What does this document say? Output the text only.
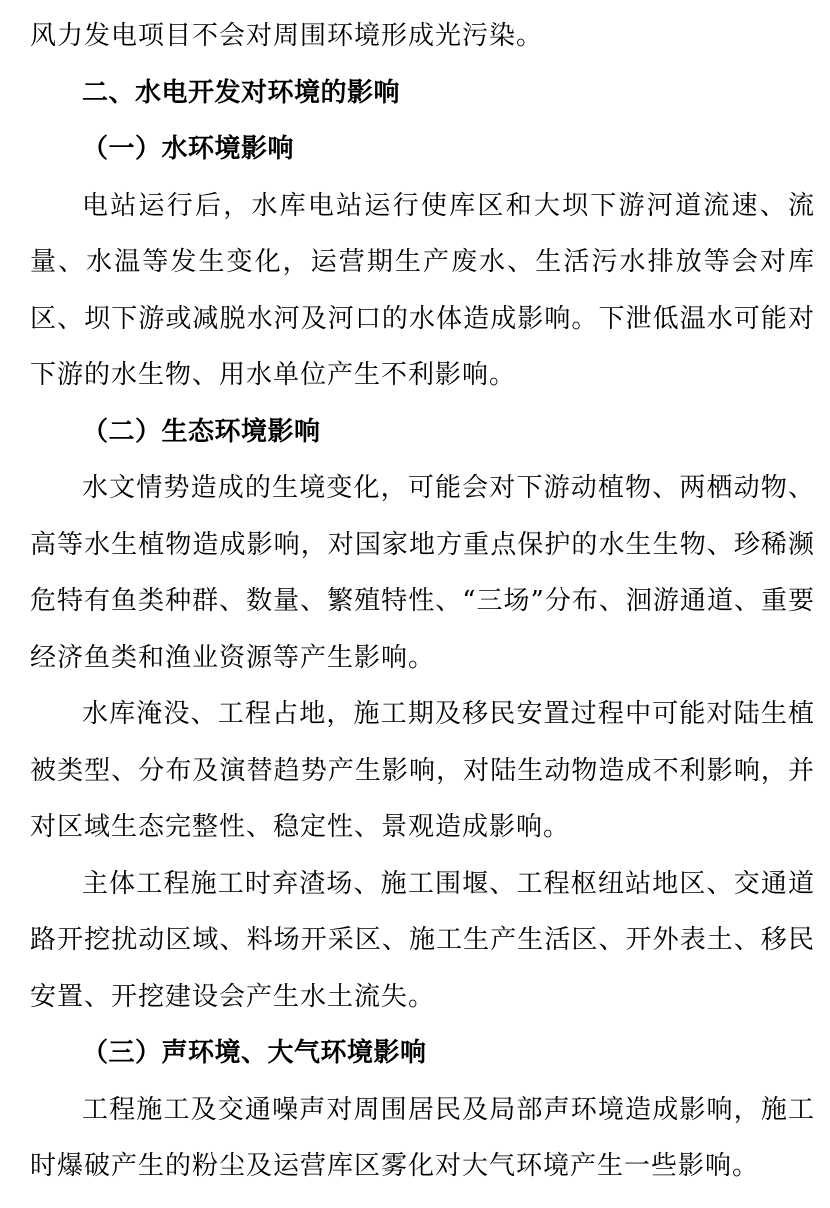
风力发电项目不会对周围环境形成光污染。

二、水电开发对环境的影响

（一）水环境影响

电站运行后，水库电站运行使库区和大坝下游河道流速、流量、水温等发生变化，运营期生产废水、生活污水排放等会对库区、坝下游或减脱水河及河口的水体造成影响。下泄低温水可能对下游的水生物、用水单位产生不利影响。

（二）生态环境影响

水文情势造成的生境变化，可能会对下游动植物、两栖动物、高等水生植物造成影响，对国家地方重点保护的水生生物、珍稀濒危特有鱼类种群、数量、繁殖特性、“三场”分布、洄游通道、重要经济鱼类和渔业资源等产生影响。

水库淹没、工程占地，施工期及移民安置过程中可能对陆生植被类型、分布及演替趋势产生影响，对陆生动物造成不利影响，并对区域生态完整性、稳定性、景观造成影响。

主体工程施工时弃渣场、施工围堰、工程枢纽站地区、交通道路开挖扰动区域、料场开采区、施工生产生活区、开外表土、移民安置、开挖建设会产生水土流失。

（三）声环境、大气环境影响

工程施工及交通噪声对周围居民及局部声环境造成影响，施工时爆破产生的粉尘及运营库区雾化对大气环境产生一些影响。
